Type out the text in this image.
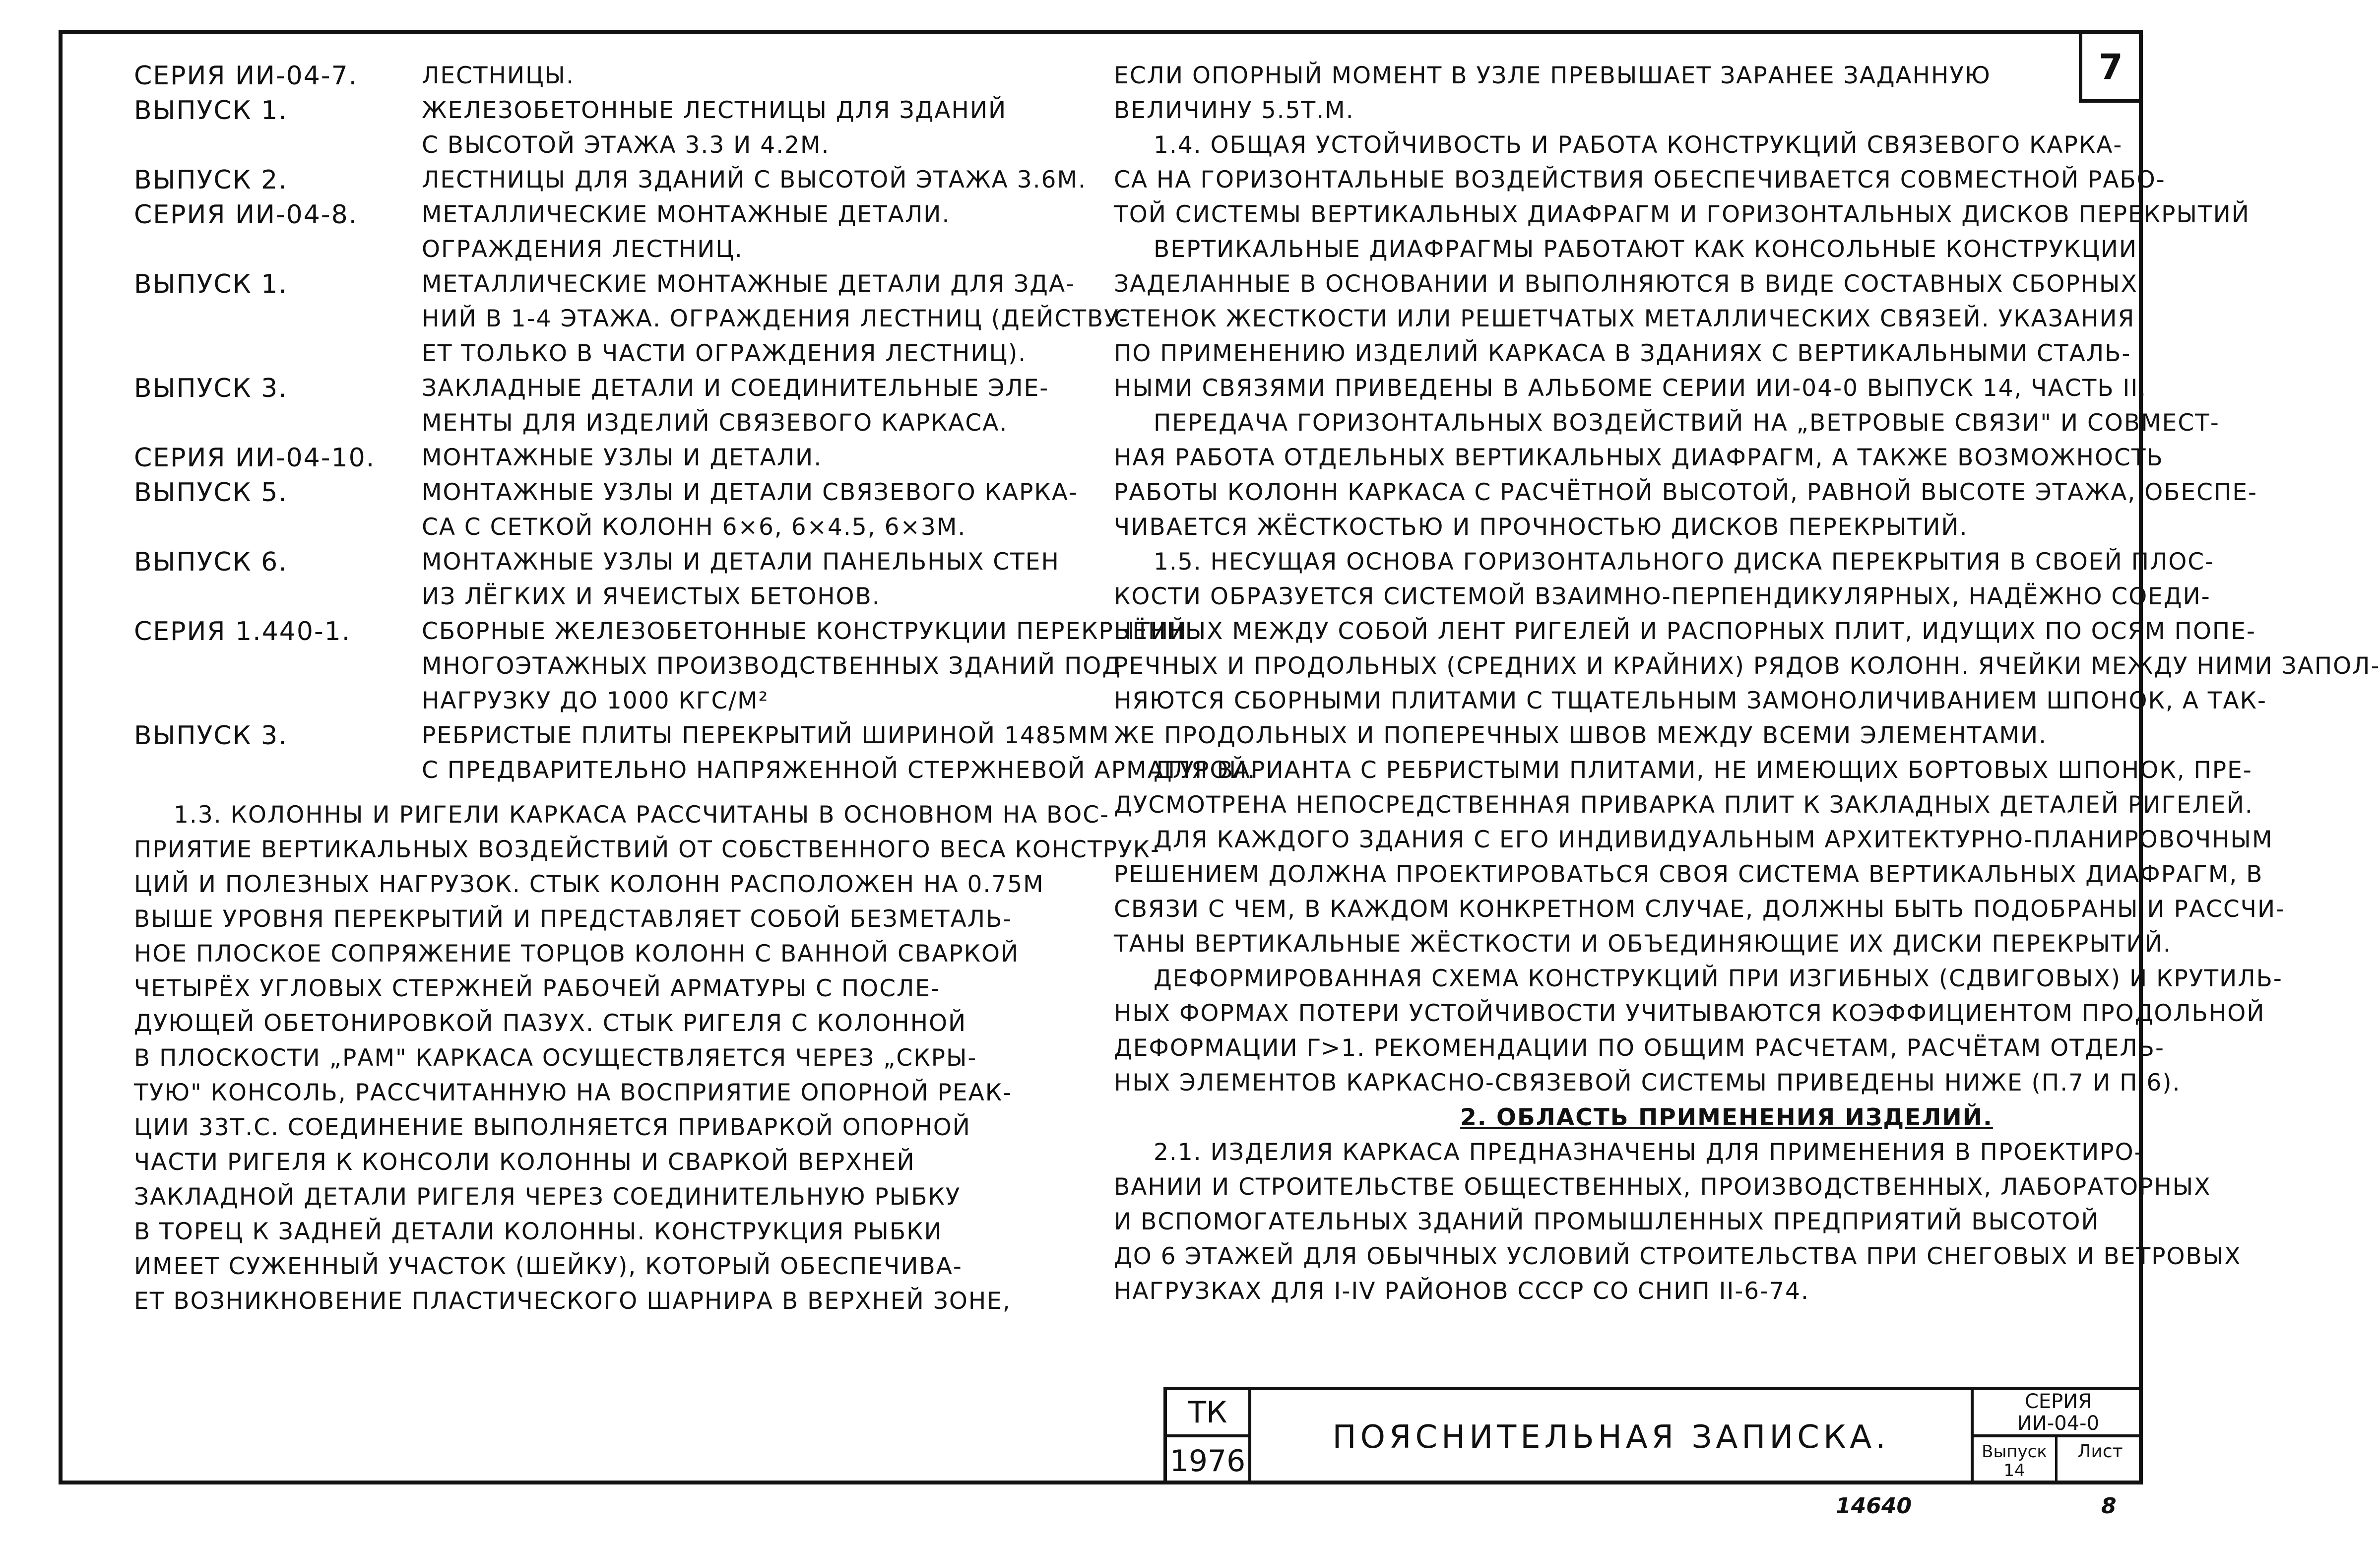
7
СЕРИЯ ИИ-04-7.	ЛЕСТНИЦЫ.
ВЫПУСК 1.	ЖЕЛЕЗОБЕТОННЫЕ ЛЕСТНИЦЫ ДЛЯ ЗДАНИЙ
С ВЫСОТОЙ ЭТАЖА 3.3 И 4.2М.
ВЫПУСК 2.	ЛЕСТНИЦЫ ДЛЯ ЗДАНИЙ С ВЫСОТОЙ ЭТАЖА 3.6М.
СЕРИЯ ИИ-04-8.	МЕТАЛЛИЧЕСКИЕ МОНТАЖНЫЕ ДЕТАЛИ.
ОГРАЖДЕНИЯ ЛЕСТНИЦ.
ВЫПУСК 1.	МЕТАЛЛИЧЕСКИЕ МОНТАЖНЫЕ ДЕТАЛИ ДЛЯ ЗДА-
НИЙ В 1-4 ЭТАЖА. ОГРАЖДЕНИЯ ЛЕСТНИЦ (ДЕЙСТВУ-
ЕТ ТОЛЬКО В ЧАСТИ ОГРАЖДЕНИЯ ЛЕСТНИЦ).
ВЫПУСК 3.	ЗАКЛАДНЫЕ ДЕТАЛИ И СОЕДИНИТЕЛЬНЫЕ ЭЛЕ-
МЕНТЫ ДЛЯ ИЗДЕЛИЙ СВЯЗЕВОГО КАРКАСА.
СЕРИЯ ИИ-04-10.	МОНТАЖНЫЕ УЗЛЫ И ДЕТАЛИ.
ВЫПУСК 5.	МОНТАЖНЫЕ УЗЛЫ И ДЕТАЛИ СВЯЗЕВОГО КАРКА-
СА С СЕТКОЙ КОЛОНН 6×6, 6×4.5, 6×3М.
ВЫПУСК 6.	МОНТАЖНЫЕ УЗЛЫ И ДЕТАЛИ ПАНЕЛЬНЫХ СТЕН
ИЗ ЛЁГКИХ И ЯЧЕИСТЫХ БЕТОНОВ.
СЕРИЯ 1.440-1.	СБОРНЫЕ ЖЕЛЕЗОБЕТОННЫЕ КОНСТРУКЦИИ ПЕРЕКРЫТИЙ
МНОГОЭТАЖНЫХ ПРОИЗВОДСТВЕННЫХ ЗДАНИЙ ПОД
НАГРУЗКУ ДО 1000 КГС/М²
ВЫПУСК 3.	РЕБРИСТЫЕ ПЛИТЫ ПЕРЕКРЫТИЙ ШИРИНОЙ 1485ММ
С ПРЕДВАРИТЕЛЬНО НАПРЯЖЕННОЙ СТЕРЖНЕВОЙ АРМАТУРОЙ.
1.3. КОЛОННЫ И РИГЕЛИ КАРКАСА РАССЧИТАНЫ В ОСНОВНОМ НА ВОС-
ПРИЯТИЕ ВЕРТИКАЛЬНЫХ ВОЗДЕЙСТВИЙ ОТ СОБСТВЕННОГО ВЕСА КОНСТРУК-
ЦИЙ И ПОЛЕЗНЫХ НАГРУЗОК. СТЫК КОЛОНН РАСПОЛОЖЕН НА 0.75М
ВЫШЕ УРОВНЯ ПЕРЕКРЫТИЙ И ПРЕДСТАВЛЯЕТ СОБОЙ БЕЗМЕТАЛЬ-
НОЕ ПЛОСКОЕ СОПРЯЖЕНИЕ ТОРЦОВ КОЛОНН С ВАННОЙ СВАРКОЙ
ЧЕТЫРЁХ УГЛОВЫХ СТЕРЖНЕЙ РАБОЧЕЙ АРМАТУРЫ С ПОСЛЕ-
ДУЮЩЕЙ ОБЕТОНИРОВКОЙ ПАЗУХ. СТЫК РИГЕЛЯ С КОЛОННОЙ
В ПЛОСКОСТИ „РАМ" КАРКАСА ОСУЩЕСТВЛЯЕТСЯ ЧЕРЕЗ „СКРЫ-
ТУЮ" КОНСОЛЬ, РАССЧИТАННУЮ НА ВОСПРИЯТИЕ ОПОРНОЙ РЕАК-
ЦИИ 33Т.С. СОЕДИНЕНИЕ ВЫПОЛНЯЕТСЯ ПРИВАРКОЙ ОПОРНОЙ
ЧАСТИ РИГЕЛЯ К КОНСОЛИ КОЛОННЫ И СВАРКОЙ ВЕРХНЕЙ
ЗАКЛАДНОЙ ДЕТАЛИ РИГЕЛЯ ЧЕРЕЗ СОЕДИНИТЕЛЬНУЮ РЫБКУ
В ТОРЕЦ К ЗАДНЕЙ ДЕТАЛИ КОЛОННЫ. КОНСТРУКЦИЯ РЫБКИ
ИМЕЕТ СУЖЕННЫЙ УЧАСТОК (ШЕЙКУ), КОТОРЫЙ ОБЕСПЕЧИВА-
ЕТ ВОЗНИКНОВЕНИЕ ПЛАСТИЧЕСКОГО ШАРНИРА В ВЕРХНЕЙ ЗОНЕ,
ЕСЛИ ОПОРНЫЙ МОМЕНТ В УЗЛЕ ПРЕВЫШАЕТ ЗАРАНЕЕ ЗАДАННУЮ
ВЕЛИЧИНУ 5.5Т.М.
1.4. ОБЩАЯ УСТОЙЧИВОСТЬ И РАБОТА КОНСТРУКЦИЙ СВЯЗЕВОГО КАРКА-
СА НА ГОРИЗОНТАЛЬНЫЕ ВОЗДЕЙСТВИЯ ОБЕСПЕЧИВАЕТСЯ СОВМЕСТНОЙ РАБО-
ТОЙ СИСТЕМЫ ВЕРТИКАЛЬНЫХ ДИАФРАГМ И ГОРИЗОНТАЛЬНЫХ ДИСКОВ ПЕРЕКРЫТИЙ
ВЕРТИКАЛЬНЫЕ ДИАФРАГМЫ РАБОТАЮТ КАК КОНСОЛЬНЫЕ КОНСТРУКЦИИ
ЗАДЕЛАННЫЕ В ОСНОВАНИИ И ВЫПОЛНЯЮТСЯ В ВИДЕ СОСТАВНЫХ СБОРНЫХ
СТЕНОК ЖЕСТКОСТИ ИЛИ РЕШЕТЧАТЫХ МЕТАЛЛИЧЕСКИХ СВЯЗЕЙ. УКАЗАНИЯ
ПО ПРИМЕНЕНИЮ ИЗДЕЛИЙ КАРКАСА В ЗДАНИЯХ С ВЕРТИКАЛЬНЫМИ СТАЛЬ-
НЫМИ СВЯЗЯМИ ПРИВЕДЕНЫ В АЛЬБОМЕ СЕРИИ ИИ-04-0 ВЫПУСК 14, ЧАСТЬ II.
ПЕРЕДАЧА ГОРИЗОНТАЛЬНЫХ ВОЗДЕЙСТВИЙ НА „ВЕТРОВЫЕ СВЯЗИ" И СОВМЕСТ-
НАЯ РАБОТА ОТДЕЛЬНЫХ ВЕРТИКАЛЬНЫХ ДИАФРАГМ, А ТАКЖЕ ВОЗМОЖНОСТЬ
РАБОТЫ КОЛОНН КАРКАСА С РАСЧЁТНОЙ ВЫСОТОЙ, РАВНОЙ ВЫСОТЕ ЭТАЖА, ОБЕСПЕ-
ЧИВАЕТСЯ ЖЁСТКОСТЬЮ И ПРОЧНОСТЬЮ ДИСКОВ ПЕРЕКРЫТИЙ.
1.5. НЕСУЩАЯ ОСНОВА ГОРИЗОНТАЛЬНОГО ДИСКА ПЕРЕКРЫТИЯ В СВОЕЙ ПЛОС-
КОСТИ ОБРАЗУЕТСЯ СИСТЕМОЙ ВЗАИМНО-ПЕРПЕНДИКУЛЯРНЫХ, НАДЁЖНО СОЕДИ-
НЁННЫХ МЕЖДУ СОБОЙ ЛЕНТ РИГЕЛЕЙ И РАСПОРНЫХ ПЛИТ, ИДУЩИХ ПО ОСЯМ ПОПЕ-
РЕЧНЫХ И ПРОДОЛЬНЫХ (СРЕДНИХ И КРАЙНИХ) РЯДОВ КОЛОНН. ЯЧЕЙКИ МЕЖДУ НИМИ ЗАПОЛ-
НЯЮТСЯ СБОРНЫМИ ПЛИТАМИ С ТЩАТЕЛЬНЫМ ЗАМОНОЛИЧИВАНИЕМ ШПОНОК, А ТАК-
ЖЕ ПРОДОЛЬНЫХ И ПОПЕРЕЧНЫХ ШВОВ МЕЖДУ ВСЕМИ ЭЛЕМЕНТАМИ.
ДЛЯ ВАРИАНТА С РЕБРИСТЫМИ ПЛИТАМИ, НЕ ИМЕЮЩИХ БОРТОВЫХ ШПОНОК, ПРЕ-
ДУСМОТРЕНА НЕПОСРЕДСТВЕННАЯ ПРИВАРКА ПЛИТ К ЗАКЛАДНЫХ ДЕТАЛЕЙ РИГЕЛЕЙ.
ДЛЯ КАЖДОГО ЗДАНИЯ С ЕГО ИНДИВИДУАЛЬНЫМ АРХИТЕКТУРНО-ПЛАНИРОВОЧНЫМ
РЕШЕНИЕМ ДОЛЖНА ПРОЕКТИРОВАТЬСЯ СВОЯ СИСТЕМА ВЕРТИКАЛЬНЫХ ДИАФРАГМ, В
СВЯЗИ С ЧЕМ, В КАЖДОМ КОНКРЕТНОМ СЛУЧАЕ, ДОЛЖНЫ БЫТЬ ПОДОБРАНЫ И РАССЧИ-
ТАНЫ ВЕРТИКАЛЬНЫЕ ЖЁСТКОСТИ И ОБЪЕДИНЯЮЩИЕ ИХ ДИСКИ ПЕРЕКРЫТИЙ.
ДЕФОРМИРОВАННАЯ СХЕМА КОНСТРУКЦИЙ ПРИ ИЗГИБНЫХ (СДВИГОВЫХ) И КРУТИЛЬ-
НЫХ ФОРМАХ ПОТЕРИ УСТОЙЧИВОСТИ УЧИТЫВАЮТСЯ КОЭФФИЦИЕНТОМ ПРОДОЛЬНОЙ
ДЕФОРМАЦИИ Γ>1. РЕКОМЕНДАЦИИ ПО ОБЩИМ РАСЧЕТАМ, РАСЧЁТАМ ОТДЕЛЬ-
НЫХ ЭЛЕМЕНТОВ КАРКАСНО-СВЯЗЕВОЙ СИСТЕМЫ ПРИВЕДЕНЫ НИЖЕ (П.7 И П.6).
2. ОБЛАСТЬ ПРИМЕНЕНИЯ ИЗДЕЛИЙ.
2.1. ИЗДЕЛИЯ КАРКАСА ПРЕДНАЗНАЧЕНЫ ДЛЯ ПРИМЕНЕНИЯ В ПРОЕКТИРО-
ВАНИИ И СТРОИТЕЛЬСТВЕ ОБЩЕСТВЕННЫХ, ПРОИЗВОДСТВЕННЫХ, ЛАБОРАТОРНЫХ
И ВСПОМОГАТЕЛЬНЫХ ЗДАНИЙ ПРОМЫШЛЕННЫХ ПРЕДПРИЯТИЙ ВЫСОТОЙ
ДО 6 ЭТАЖЕЙ ДЛЯ ОБЫЧНЫХ УСЛОВИЙ СТРОИТЕЛЬСТВА ПРИ СНЕГОВЫХ И ВЕТРОВЫХ
НАГРУЗКАХ ДЛЯ I-IV РАЙОНОВ СССР СО СНИП II-6-74.
ТК
1976
ПОЯСНИТЕЛЬНАЯ ЗАПИСКА.
СЕРИЯ
ИИ-04-0
Выпуск
14
Лист
14640	8
